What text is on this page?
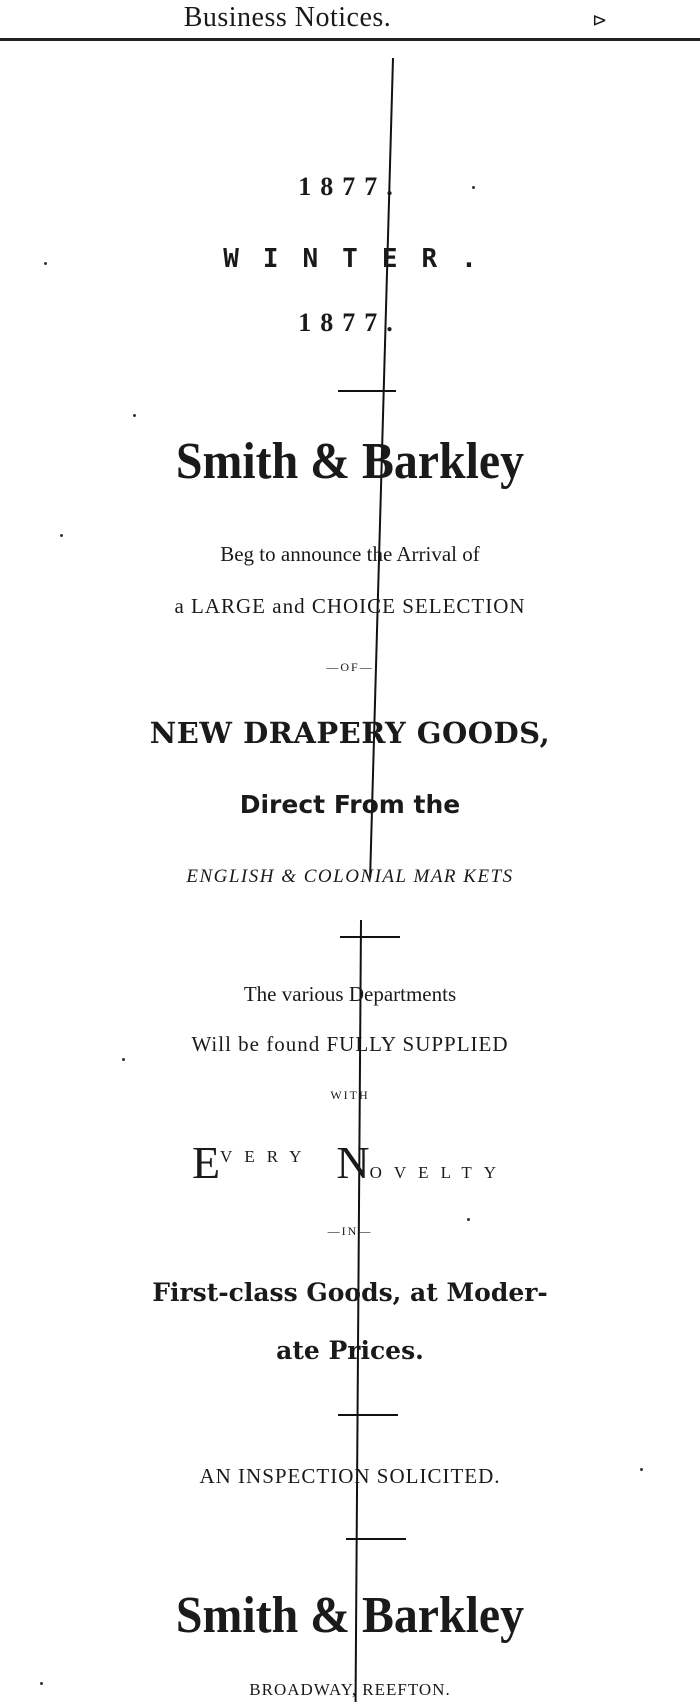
Business Notices.	⊳
1877.
WINTER.
1877.
Smith & Barkley
Beg to announce the Arrival of
a LARGE and CHOICE SELECTION
—OF—
NEW DRAPERY GOODS,
Direct From the
ENGLISH & COLONIAL MAR KETS
The various Departments
Will be found FULLY SUPPLIED
WITH
$E^{VERY}$ NOVELTY
—IN—
First-class Goods, at Moder-
ate Prices.
AN INSPECTION SOLICITED.
Smith & Barkley
BROADWAY, REEFTON.
